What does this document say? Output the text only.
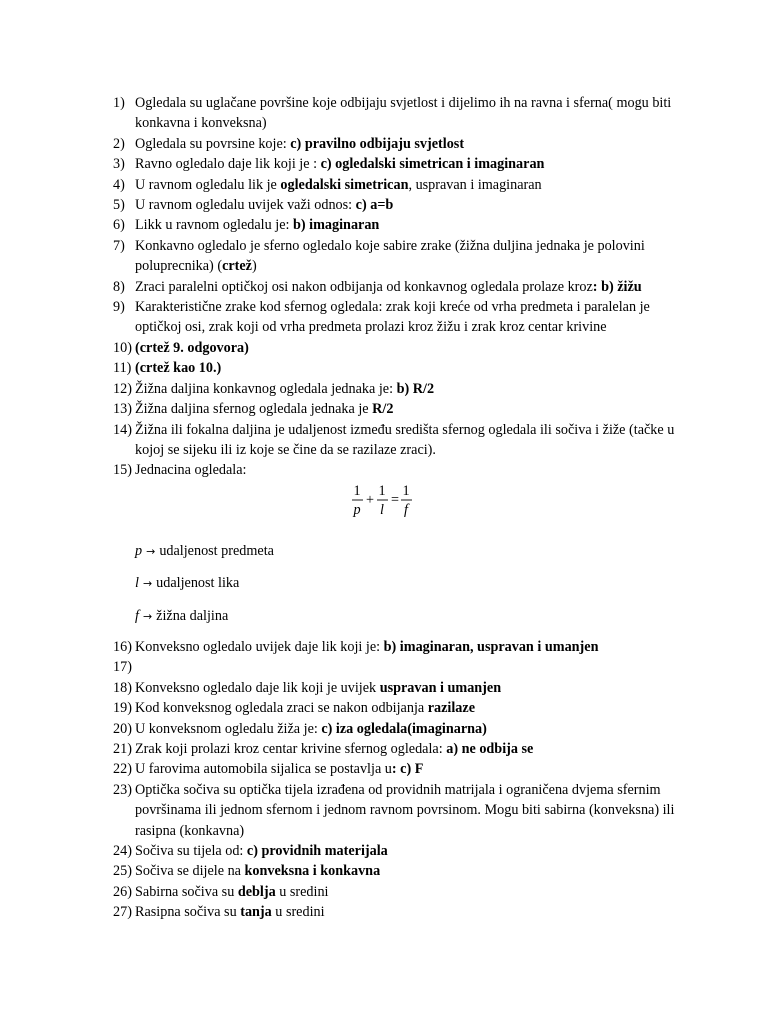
1) Ogledala su uglačane površine koje odbijaju svjetlost i dijelimo ih na ravna i sferna( mogu biti konkavna i konveksna)
2) Ogledala su povrsine koje: c) pravilno odbijaju svjetlost
3) Ravno ogledalo daje lik koji je : c) ogledalski simetrican i imaginaran
4) U ravnom ogledalu lik je ogledalski simetrican, uspravan i imaginaran
5) U ravnom ogledalu uvijek važi odnos: c) a=b
6) Likk u ravnom ogledalu je: b) imaginaran
7) Konkavno ogledalo je sferno ogledalo koje sabire zrake (žižna duljina jednaka je polovini poluprecnika) (crtež)
8) Zraci paralelni optičkoj osi nakon odbijanja od konkavnog ogledala prolaze kroz: b) žižu
9) Karakteristične zrake kod sfernog ogledala: zrak koji kreće od vrha predmeta i paralelan je optičkoj osi, zrak koji od vrha predmeta prolazi kroz žižu i zrak kroz centar krivine
10) (crtež 9. odgovora)
11) (crtež kao 10.)
12) Žižna daljina konkavnog ogledala jednaka je: b) R/2
13) Žižna daljina sfernog ogledala jednaka je R/2
14) Žižna ili fokalna daljina je udaljenost između središta sfernog ogledala ili sočiva i žiže (tačke u kojoj se sijeku ili iz koje se čine da se razilaze zraci).
15) Jednacina ogledala:
1
p
+
1
l
=
1
f
p → udaljenost predmeta
l → udaljenost lika
f → žižna daljina
16) Konveksno ogledalo uvijek daje lik koji je: b) imaginaran, uspravan i umanjen
17)

18) Konveksno ogledalo daje lik koji je uvijek uspravan i umanjen
19) Kod konveksnog ogledala zraci se nakon odbijanja razilaze
20) U konveksnom ogledalu žiža je: c) iza ogledala(imaginarna)
21) Zrak koji prolazi kroz centar krivine sfernog ogledala: a) ne odbija se
22) U farovima automobila sijalica se postavlja u: c) F
23) Optička sočiva su optička tijela izrađena od providnih matrijala i ograničena dvjema sfernim površinama ili jednom sfernom i jednom ravnom povrsinom. Mogu biti sabirna (konveksna) ili rasipna (konkavna)
24) Sočiva su tijela od: c) providnih materijala
25) Sočiva se dijele na konveksna i konkavna
26) Sabirna sočiva su deblja u sredini
27) Rasipna sočiva su tanja u sredini
